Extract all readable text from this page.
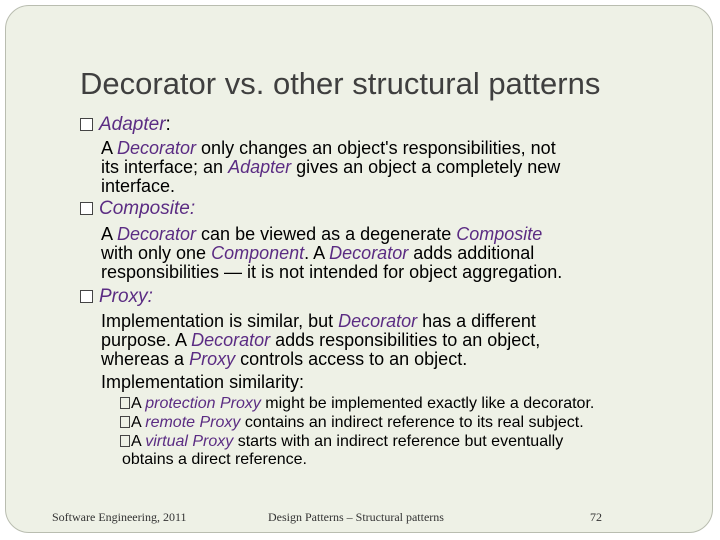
Decorator vs. other structural patterns
Adapter:
A Decorator only changes an object's responsibilities, not
its interface; an Adapter gives an object a completely new
interface.
Composite:
A Decorator can be viewed as a degenerate Composite
with only one Component. A Decorator adds additional
responsibilities — it is not intended for object aggregation.
Proxy:
Implementation is similar, but Decorator has a different
purpose. A Decorator adds responsibilities to an object,
whereas a Proxy controls access to an object.
Implementation similarity:
A protection Proxy might be implemented exactly like a decorator.
A remote Proxy contains an indirect reference to its real subject.
A virtual Proxy starts with an indirect reference but eventually
obtains a direct reference.
Software Engineering, 2011	Design Patterns – Structural patterns	72
